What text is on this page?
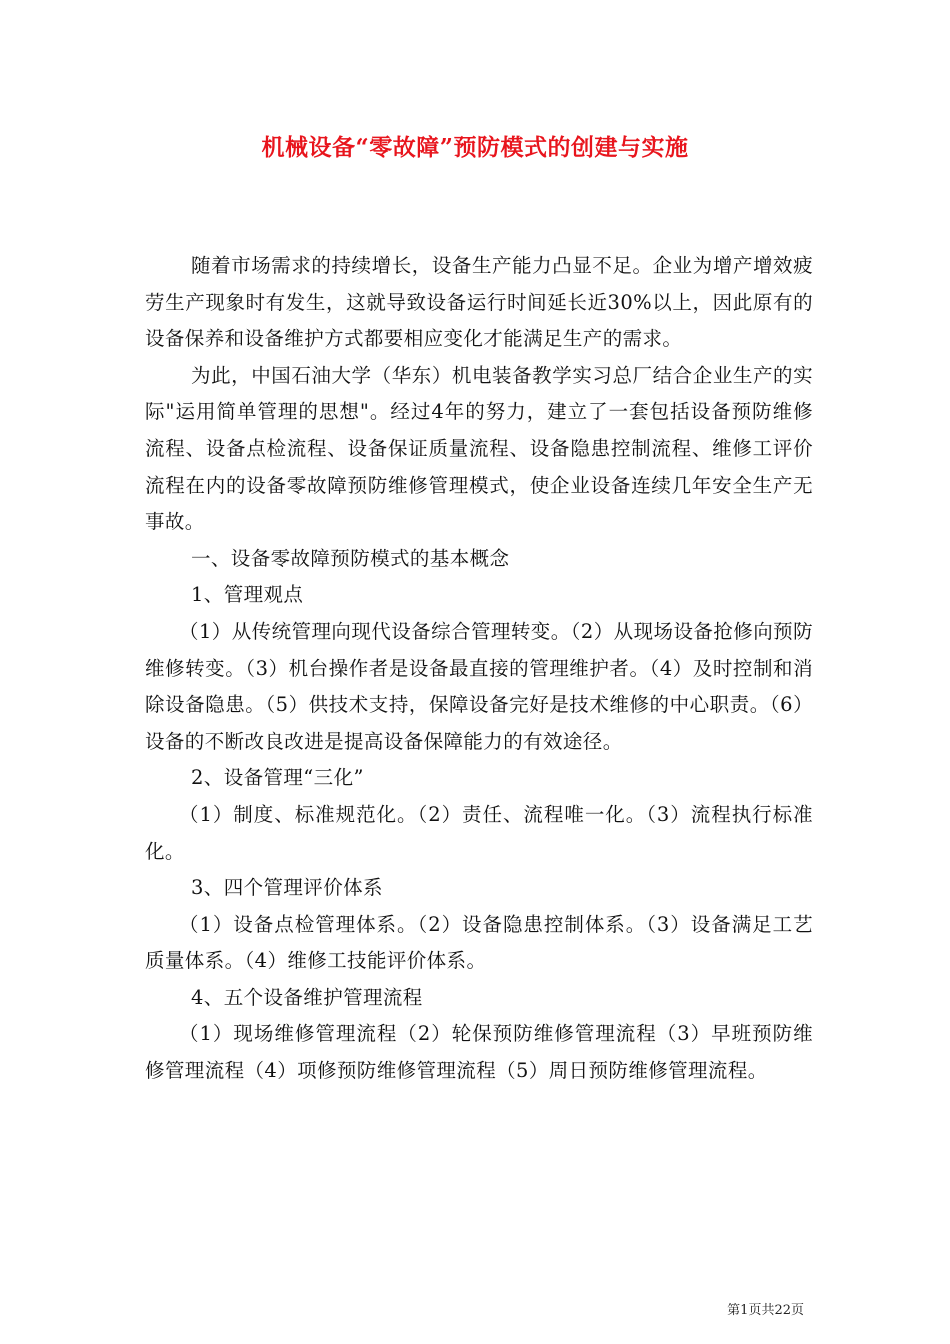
机械设备“零故障”预防模式的创建与实施

随着市场需求的持续增长，设备生产能力凸显不足。企业为增产增效疲劳生产现象时有发生，这就导致设备运行时间延长近30%以上，因此原有的设备保养和设备维护方式都要相应变化才能满足生产的需求。

为此，中国石油大学（华东）机电装备教学实习总厂结合企业生产的实际"运用简单管理的思想"。经过4年的努力，建立了一套包括设备预防维修流程、设备点检流程、设备保证质量流程、设备隐患控制流程、维修工评价流程在内的设备零故障预防维修管理模式，使企业设备连续几年安全生产无事故。

一、设备零故障预防模式的基本概念

1、管理观点

（1）从传统管理向现代设备综合管理转变。（2）从现场设备抢修向预防维修转变。（3）机台操作者是设备最直接的管理维护者。（4）及时控制和消除设备隐患。（5）供技术支持，保障设备完好是技术维修的中心职责。（6）设备的不断改良改进是提高设备保障能力的有效途径。

2、设备管理“三化”

（1）制度、标准规范化。（2）责任、流程唯一化。（3）流程执行标准化。

3、四个管理评价体系

（1）设备点检管理体系。（2）设备隐患控制体系。（3）设备满足工艺质量体系。（4）维修工技能评价体系。

4、五个设备维护管理流程

（1）现场维修管理流程（2）轮保预防维修管理流程（3）早班预防维修管理流程（4）项修预防维修管理流程（5）周日预防维修管理流程。

第1页共22页
